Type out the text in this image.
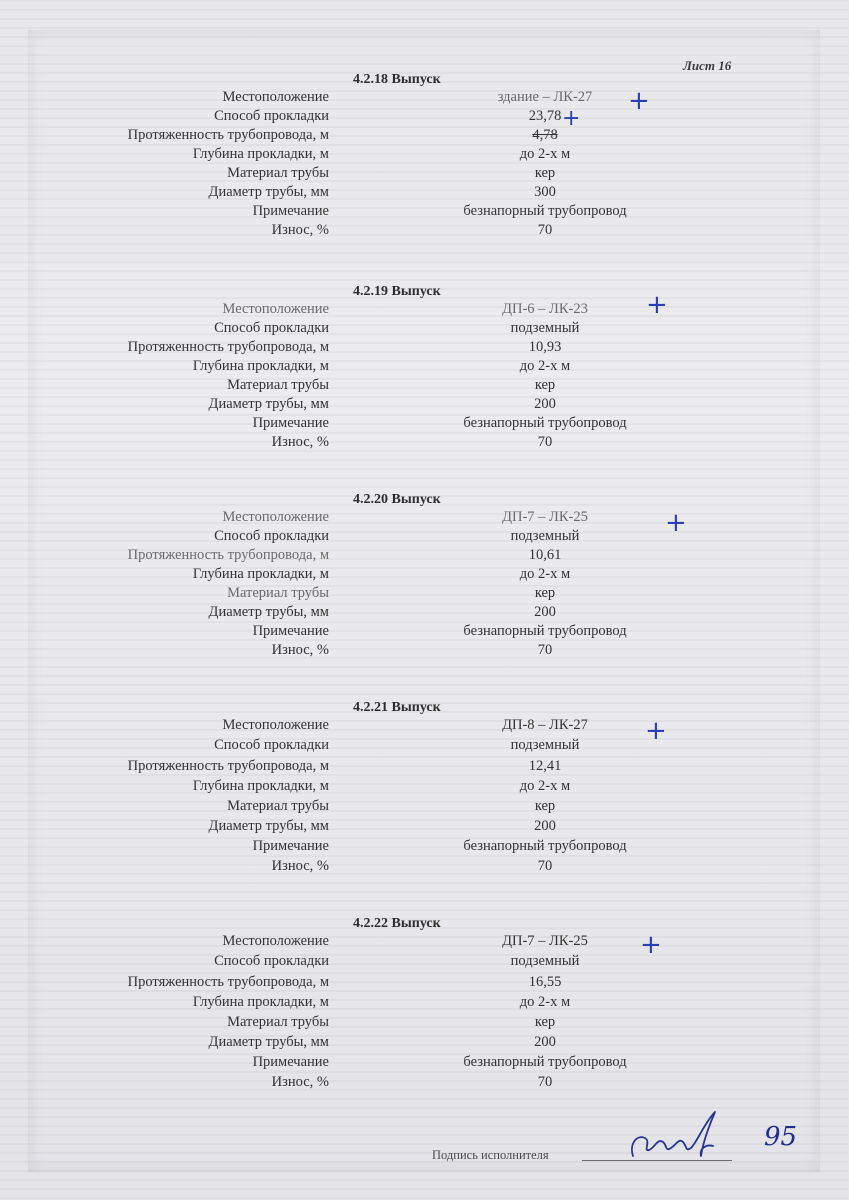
Лист 16
4.2.18 Выпуск
Местоположение	здание – ЛК-27
Способ прокладки	23,78
Протяженность трубопровода, м	4,78
Глубина прокладки, м	до 2-х м
Материал трубы	кер
Диаметр трубы, мм	300
Примечание	безнапорный трубопровод
Износ, %	70
+
+
4.2.19 Выпуск
Местоположение	ДП-6 – ЛК-23
Способ прокладки	подземный
Протяженность трубопровода, м	10,93
Глубина прокладки, м	до 2-х м
Материал трубы	кер
Диаметр трубы, мм	200
Примечание	безнапорный трубопровод
Износ, %	70
+
4.2.20 Выпуск
Местоположение	ДП-7 – ЛК-25
Способ прокладки	подземный
Протяженность трубопровода, м	10,61
Глубина прокладки, м	до 2-х м
Материал трубы	кер
Диаметр трубы, мм	200
Примечание	безнапорный трубопровод
Износ, %	70
+
4.2.21 Выпуск
Местоположение	ДП-8 – ЛК-27
Способ прокладки	подземный
Протяженность трубопровода, м	12,41
Глубина прокладки, м	до 2-х м
Материал трубы	кер
Диаметр трубы, мм	200
Примечание	безнапорный трубопровод
Износ, %	70
+
4.2.22 Выпуск
Местоположение	ДП-7 – ЛК-25
Способ прокладки	подземный
Протяженность трубопровода, м	16,55
Глубина прокладки, м	до 2-х м
Материал трубы	кер
Диаметр трубы, мм	200
Примечание	безнапорный трубопровод
Износ, %	70
+
Подпись исполнителя
95
